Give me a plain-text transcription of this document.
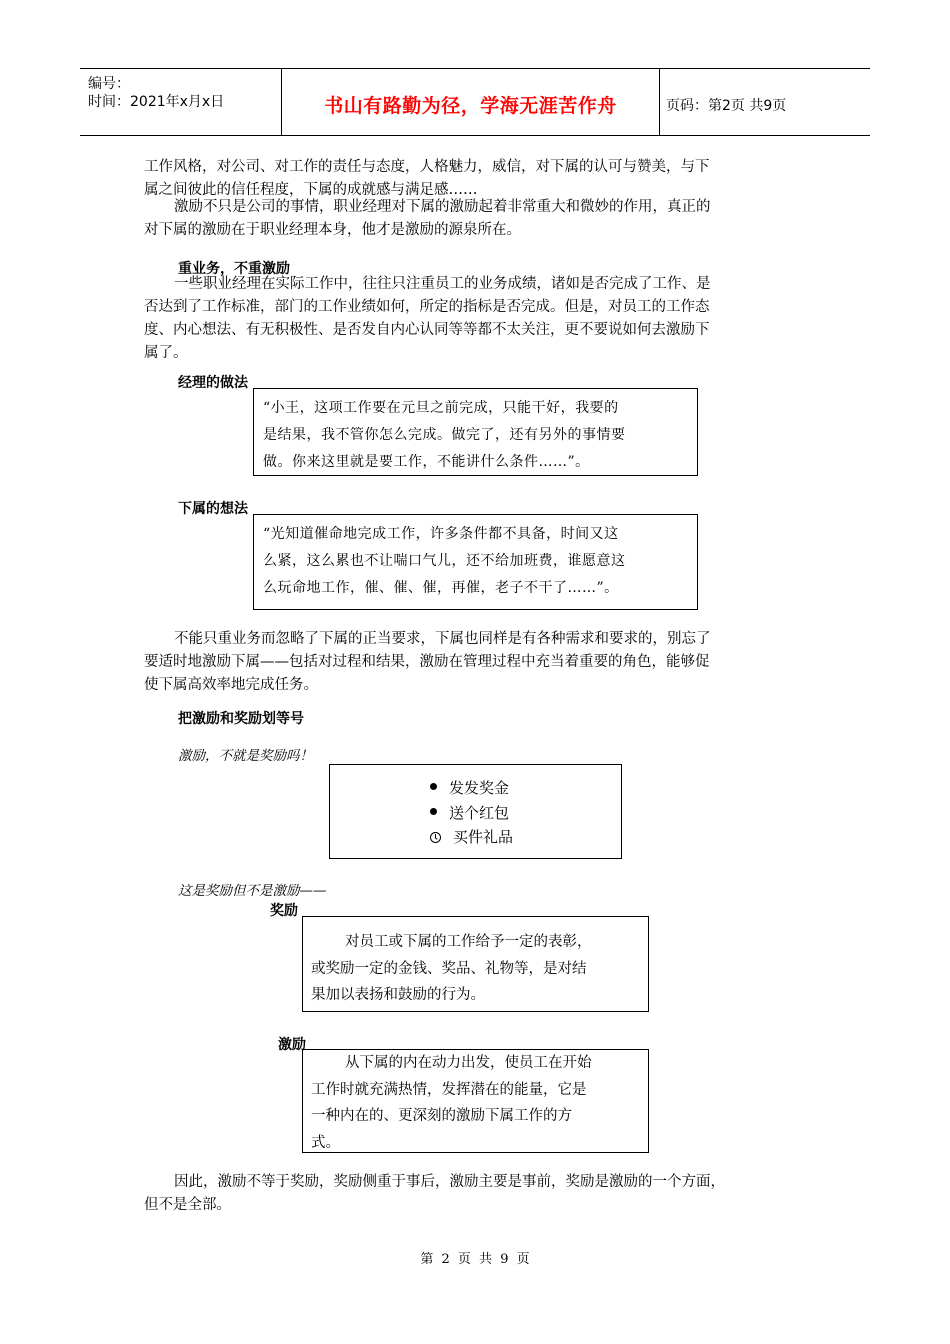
编号：
时间：2021年x月x日	书山有路勤为径，学海无涯苦作舟	页码：第2页 共9页
工作风格，对公司、对工作的责任与态度，人格魅力，威信，对下属的认可与赞美，与下
属之间彼此的信任程度，下属的成就感与满足感……
激励不只是公司的事情，职业经理对下属的激励起着非常重大和微妙的作用，真正的
对下属的激励在于职业经理本身，他才是激励的源泉所在。
重业务，不重激励
一些职业经理在实际工作中，往往只注重员工的业务成绩，诸如是否完成了工作、是
否达到了工作标准，部门的工作业绩如何，所定的指标是否完成。但是，对员工的工作态
度、内心想法、有无积极性、是否发自内心认同等等都不太关注，更不要说如何去激励下
属了。
经理的做法
“小王，这项工作要在元旦之前完成，只能干好，我要的
是结果，我不管你怎么完成。做完了，还有另外的事情要
做。你来这里就是要工作，不能讲什么条件……”。
下属的想法
“光知道催命地完成工作，许多条件都不具备，时间又这
么紧，这么累也不让喘口气儿，还不给加班费，谁愿意这
么玩命地工作，催、催、催，再催，老子不干了……”。
不能只重业务而忽略了下属的正当要求，下属也同样是有各种需求和要求的，别忘了
要适时地激励下属——包括对过程和结果，激励在管理过程中充当着重要的角色，能够促
使下属高效率地完成任务。
把激励和奖励划等号
激励，不就是奖励吗！
发发奖金
送个红包
买件礼品
这是奖励但不是激励——
奖励
对员工或下属的工作给予一定的表彰，
或奖励一定的金钱、奖品、礼物等，是对结
果加以表扬和鼓励的行为。
激励
从下属的内在动力出发，使员工在开始
工作时就充满热情，发挥潜在的能量，它是
一种内在的、更深刻的激励下属工作的方
式。
因此，激励不等于奖励，奖励侧重于事后，激励主要是事前，奖励是激励的一个方面，
但不是全部。
第 2 页 共 9 页
